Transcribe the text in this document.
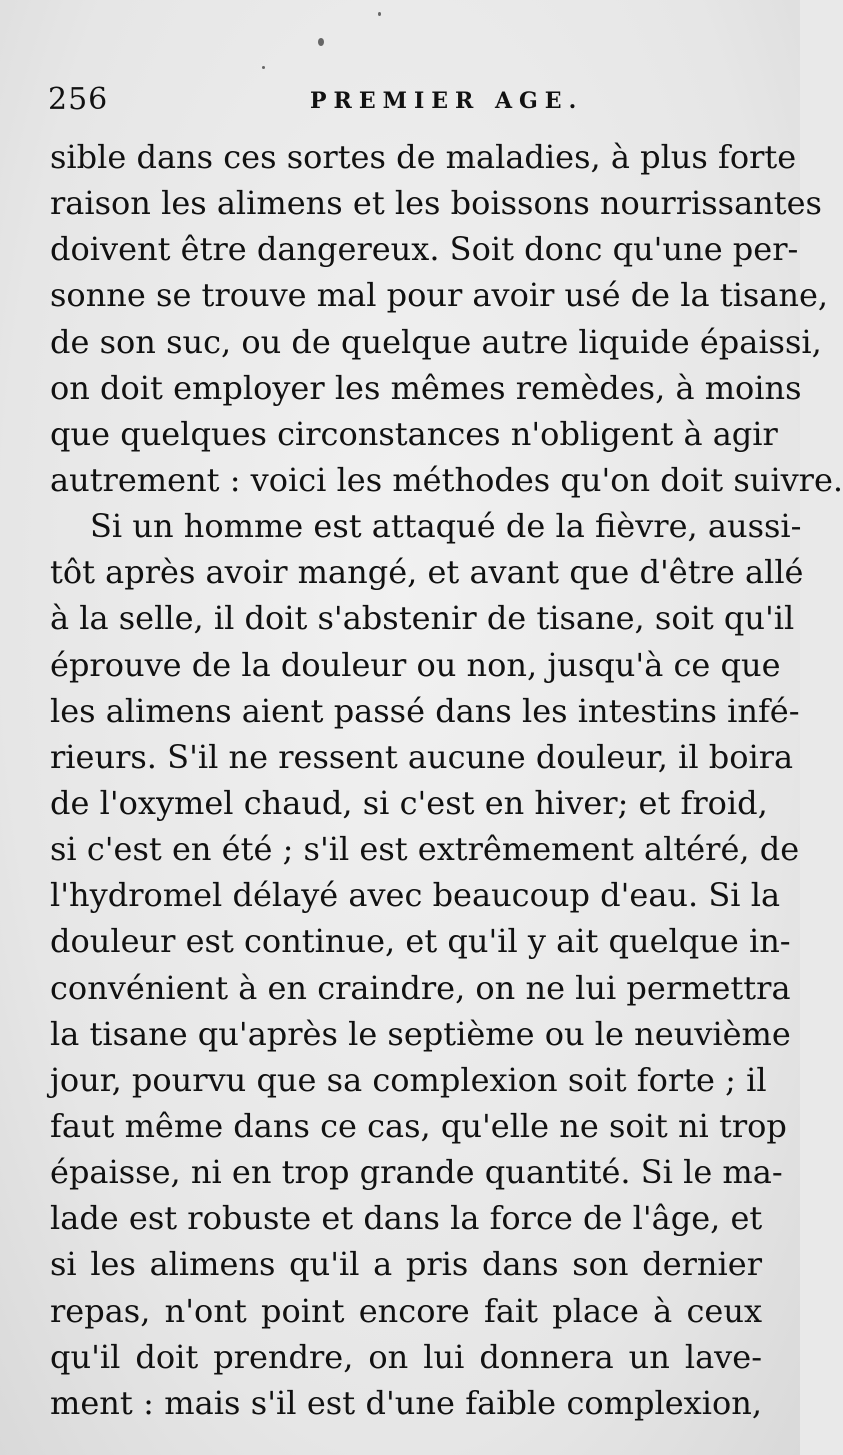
256	PREMIER AGE.
sible dans ces sortes de maladies, à plus forte
raison les alimens et les boissons nourrissantes
doivent être dangereux. Soit donc qu'une per-
sonne se trouve mal pour avoir usé de la tisane,
de son suc, ou de quelque autre liquide épaissi,
on doit employer les mêmes remèdes, à moins
que quelques circonstances n'obligent à agir
autrement : voici les méthodes qu'on doit suivre.
Si un homme est attaqué de la fièvre, aussi-
tôt après avoir mangé, et avant que d'être allé
à la selle, il doit s'abstenir de tisane, soit qu'il
éprouve de la douleur ou non, jusqu'à ce que
les alimens aient passé dans les intestins infé-
rieurs. S'il ne ressent aucune douleur, il boira
de l'oxymel chaud, si c'est en hiver; et froid,
si c'est en été ; s'il est extrêmement altéré, de
l'hydromel délayé avec beaucoup d'eau. Si la
douleur est continue, et qu'il y ait quelque in-
convénient à en craindre, on ne lui permettra
la tisane qu'après le septième ou le neuvième
jour, pourvu que sa complexion soit forte ; il
faut même dans ce cas, qu'elle ne soit ni trop
épaisse, ni en trop grande quantité. Si le ma-
lade est robuste et dans la force de l'âge, et
si les alimens qu'il a pris dans son dernier
repas, n'ont point encore fait place à ceux
qu'il doit prendre, on lui donnera un lave-
ment : mais s'il est d'une faible complexion,
